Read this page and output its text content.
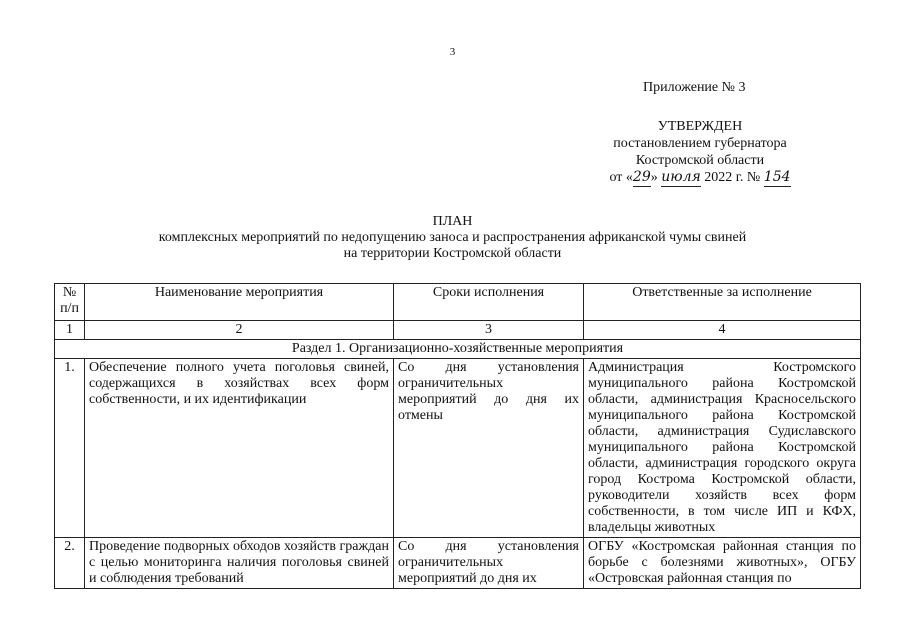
3
Приложение № 3
УТВЕРЖДЕН
постановлением губернатора
Костромской области
от «29» июля 2022 г. № 154
ПЛАН
комплексных мероприятий по недопущению заноса и распространения африканской чумы свиней
на территории Костромской области
№ п/п	Наименование мероприятия	Сроки исполнения	Ответственные за исполнение
1	2	3	4
Раздел 1. Организационно-хозяйственные мероприятия			
1.	Обеспечение полного учета поголовья свиней, содержащихся в хозяйствах всех форм собственности, и их идентификации	Со дня установления ограничительных мероприятий до дня их отмены	Администрация Костромского муниципального района Костромской области, администрация Красносельского муниципального района Костромской области, администрация Судиславского муниципального района Костромской области, администрация городского округа город Кострома Костромской области, руководители хозяйств всех форм собственности, в том числе ИП и КФХ, владельцы животных
2.	Проведение подворных обходов хозяйств граждан с целью мониторинга наличия поголовья свиней и соблюдения требований	Со дня установления ограничительных мероприятий до дня их	ОГБУ «Костромская районная станция по борьбе с болезнями животных», ОГБУ «Островская районная станция по
